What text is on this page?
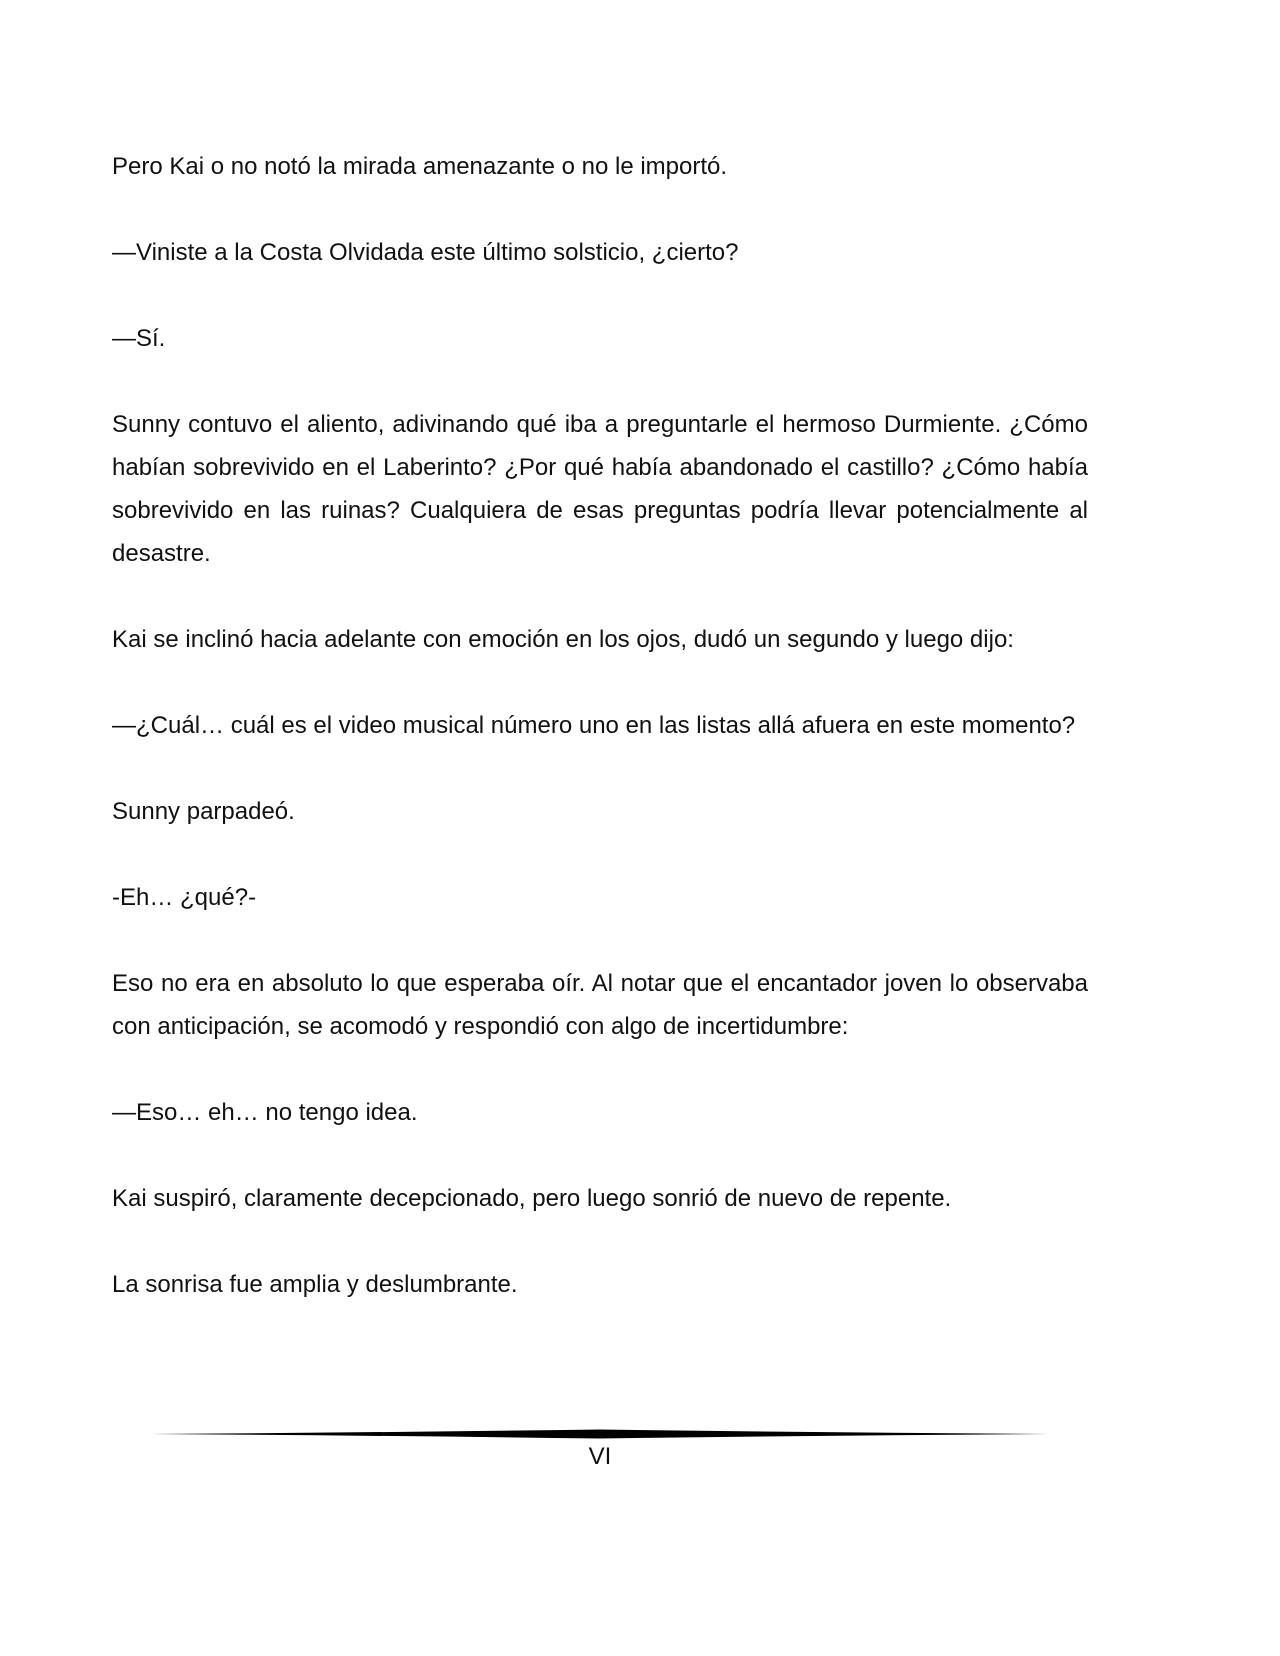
Pero Kai o no notó la mirada amenazante o no le importó.

—Viniste a la Costa Olvidada este último solsticio, ¿cierto?

—Sí.

Sunny contuvo el aliento, adivinando qué iba a preguntarle el hermoso Durmiente. ¿Cómo habían sobrevivido en el Laberinto? ¿Por qué había abandonado el castillo? ¿Cómo había sobrevivido en las ruinas? Cualquiera de esas preguntas podría llevar potencialmente al desastre.

Kai se inclinó hacia adelante con emoción en los ojos, dudó un segundo y luego dijo:

—¿Cuál… cuál es el video musical número uno en las listas allá afuera en este momento?

Sunny parpadeó.

-Eh… ¿qué?-

Eso no era en absoluto lo que esperaba oír. Al notar que el encantador joven lo observaba con anticipación, se acomodó y respondió con algo de incertidumbre:

—Eso… eh… no tengo idea.

Kai suspiró, claramente decepcionado, pero luego sonrió de nuevo de repente.

La sonrisa fue amplia y deslumbrante.

VI
